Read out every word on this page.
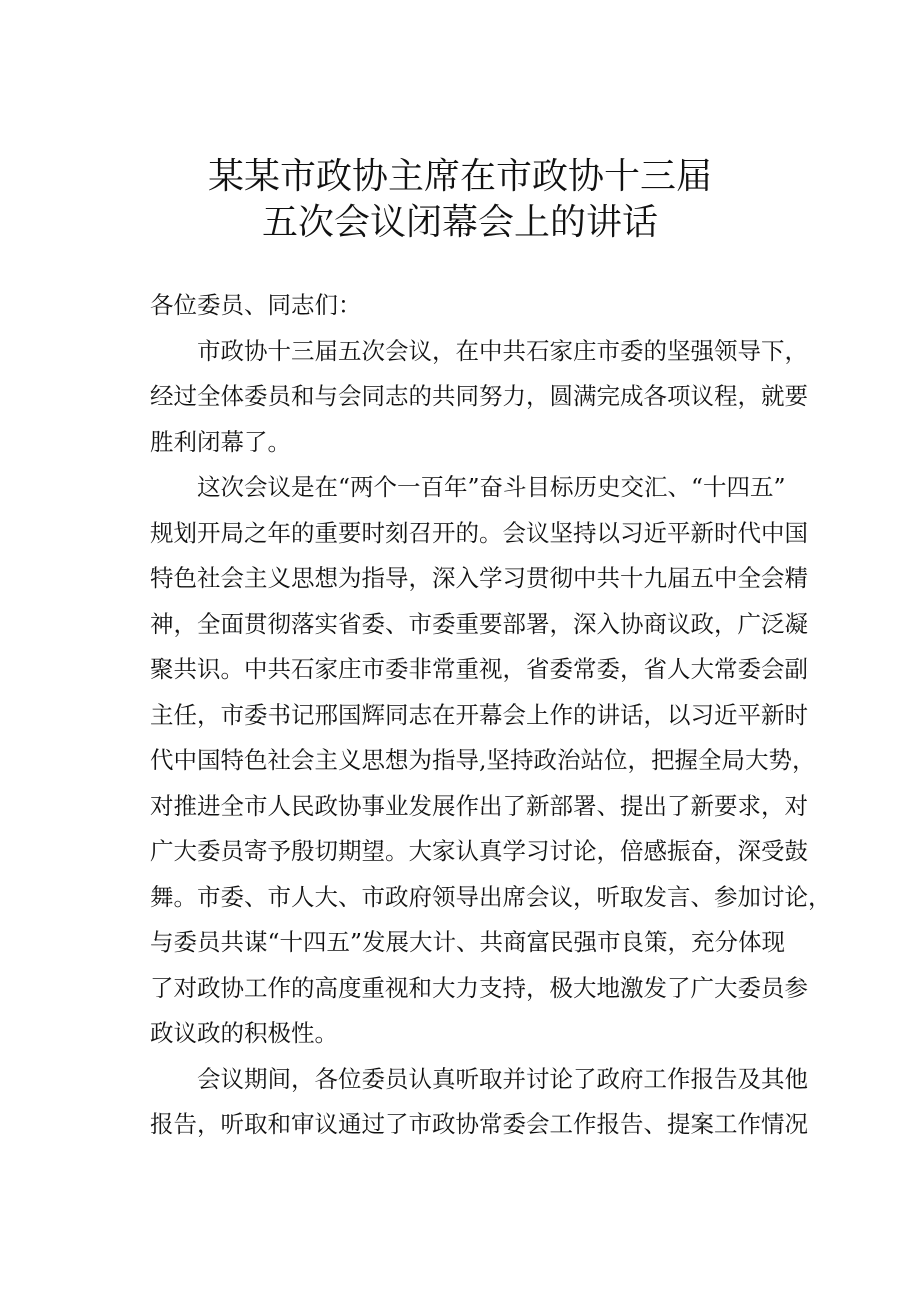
某某市政协主席在市政协十三届
五次会议闭幕会上的讲话
各位委员、同志们：
市政协十三届五次会议，在中共石家庄市委的坚强领导下，
经过全体委员和与会同志的共同努力，圆满完成各项议程，就要
胜利闭幕了。
这次会议是在“两个一百年”奋斗目标历史交汇、“十四五”
规划开局之年的重要时刻召开的。会议坚持以习近平新时代中国
特色社会主义思想为指导，深入学习贯彻中共十九届五中全会精
神，全面贯彻落实省委、市委重要部署，深入协商议政，广泛凝
聚共识。中共石家庄市委非常重视，省委常委，省人大常委会副
主任，市委书记邢国辉同志在开幕会上作的讲话，以习近平新时
代中国特色社会主义思想为指导,坚持政治站位，把握全局大势，
对推进全市人民政协事业发展作出了新部署、提出了新要求，对
广大委员寄予殷切期望。大家认真学习讨论，倍感振奋，深受鼓
舞。市委、市人大、市政府领导出席会议，听取发言、参加讨论，
与委员共谋“十四五”发展大计、共商富民强市良策，充分体现
了对政协工作的高度重视和大力支持，极大地激发了广大委员参
政议政的积极性。
会议期间，各位委员认真听取并讨论了政府工作报告及其他
报告，听取和审议通过了市政协常委会工作报告、提案工作情况
